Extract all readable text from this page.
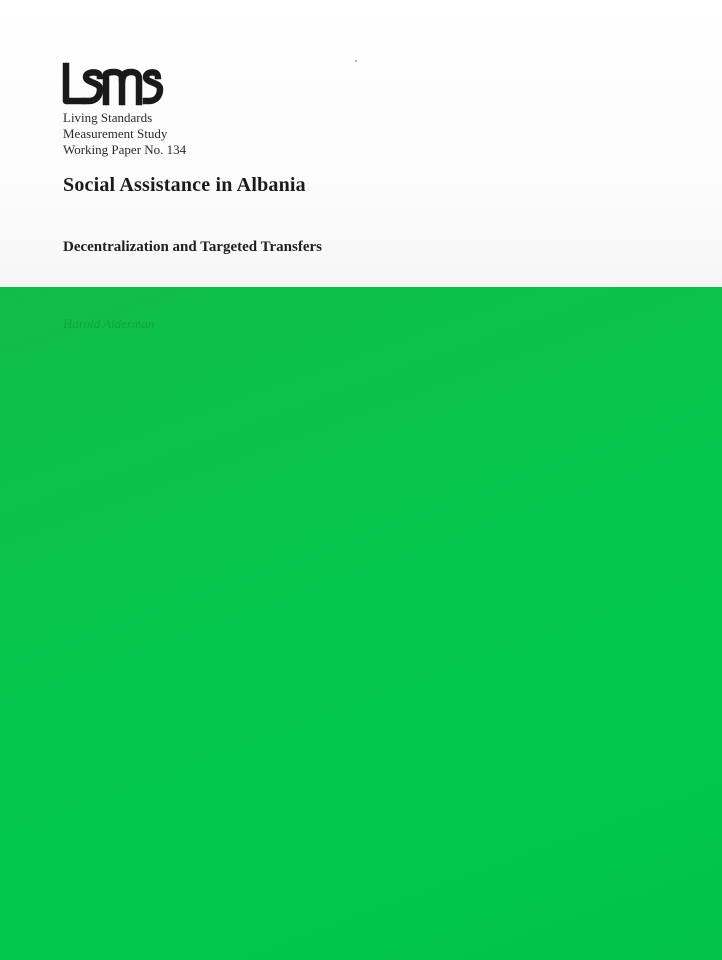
Living Standards
Measurement Study
Working Paper No. 134
Social Assistance in Albania
Decentralization and Targeted Transfers
Harold Alderman
